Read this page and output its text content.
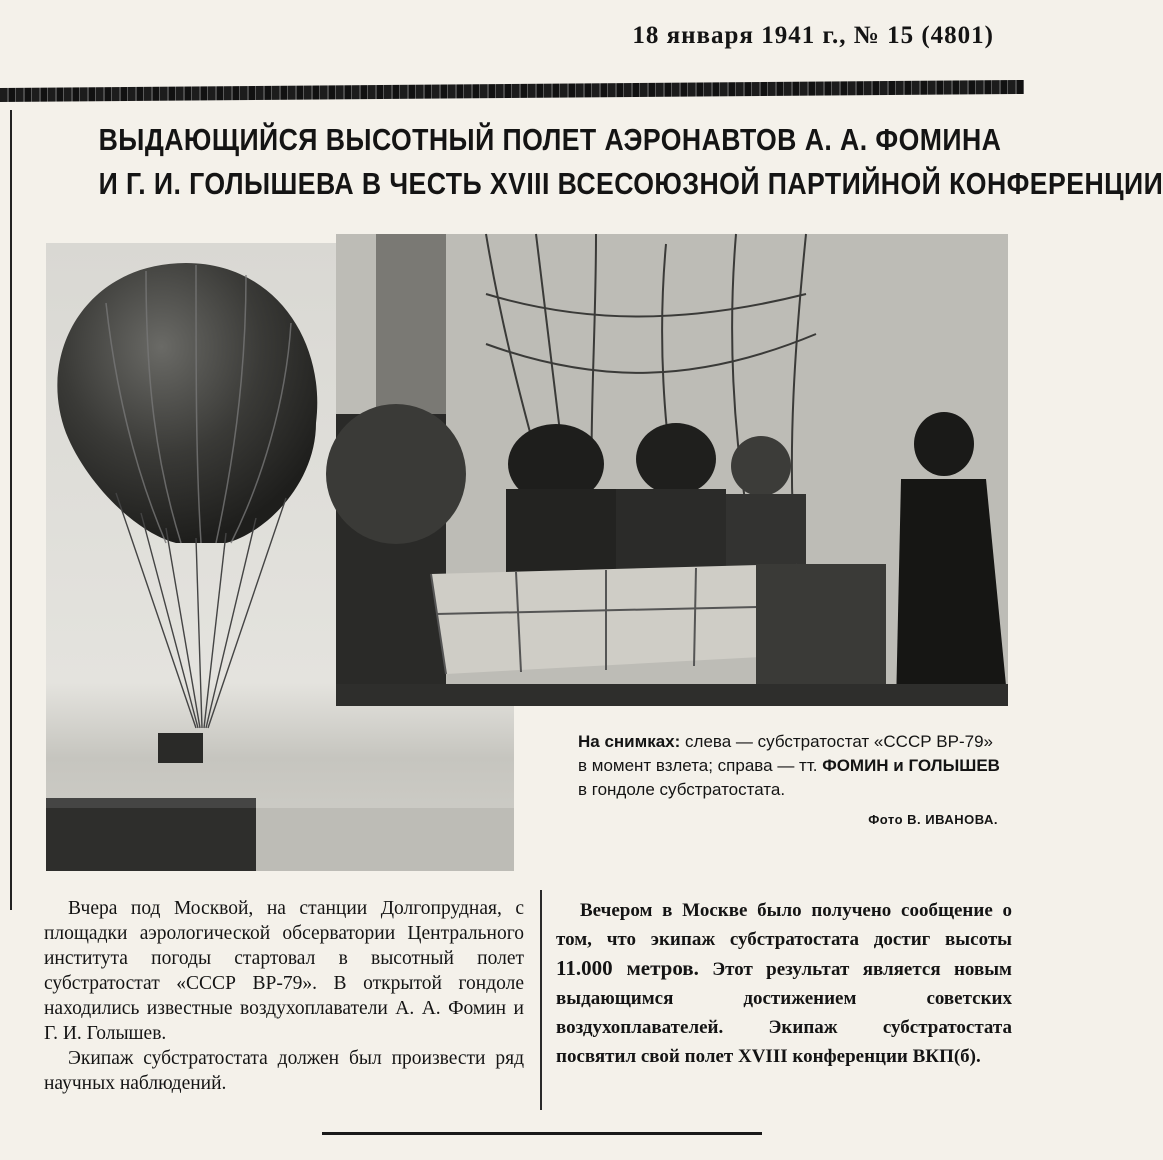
18 января 1941 г., № 15 (4801)
ВЫДАЮЩИЙСЯ ВЫСОТНЫЙ ПОЛЕТ АЭРОНАВТОВ А. А. ФОМИНА
И Г. И. ГОЛЫШЕВА В ЧЕСТЬ XVIII ВСЕСОЮЗНОЙ ПАРТИЙНОЙ КОНФЕРЕНЦИИ
На снимках: слева — субстратостат «СССР ВР-79» в момент взлета; справа — тт. ФОМИН и ГОЛЫШЕВ в гондоле субстратостата.
Фото В. ИВАНОВА.

Вчера под Москвой, на станции Долгопрудная, с площадки аэрологической обсерватории Центрального института погоды стартовал в высотный полет субстратостат «СССР ВР-79». В открытой гондоле находились известные воздухоплаватели А. А. Фомин и Г. И. Голышев.

Экипаж субстратостата должен был произвести ряд научных наблюдений.

Вечером в Москве было получено сообщение о том, что экипаж субстратостата достиг высоты 11.000 метров. Этот результат является новым выдающимся достижением советских воздухоплавателей. Экипаж субстратостата посвятил свой полет XVIII конференции ВКП(б).
